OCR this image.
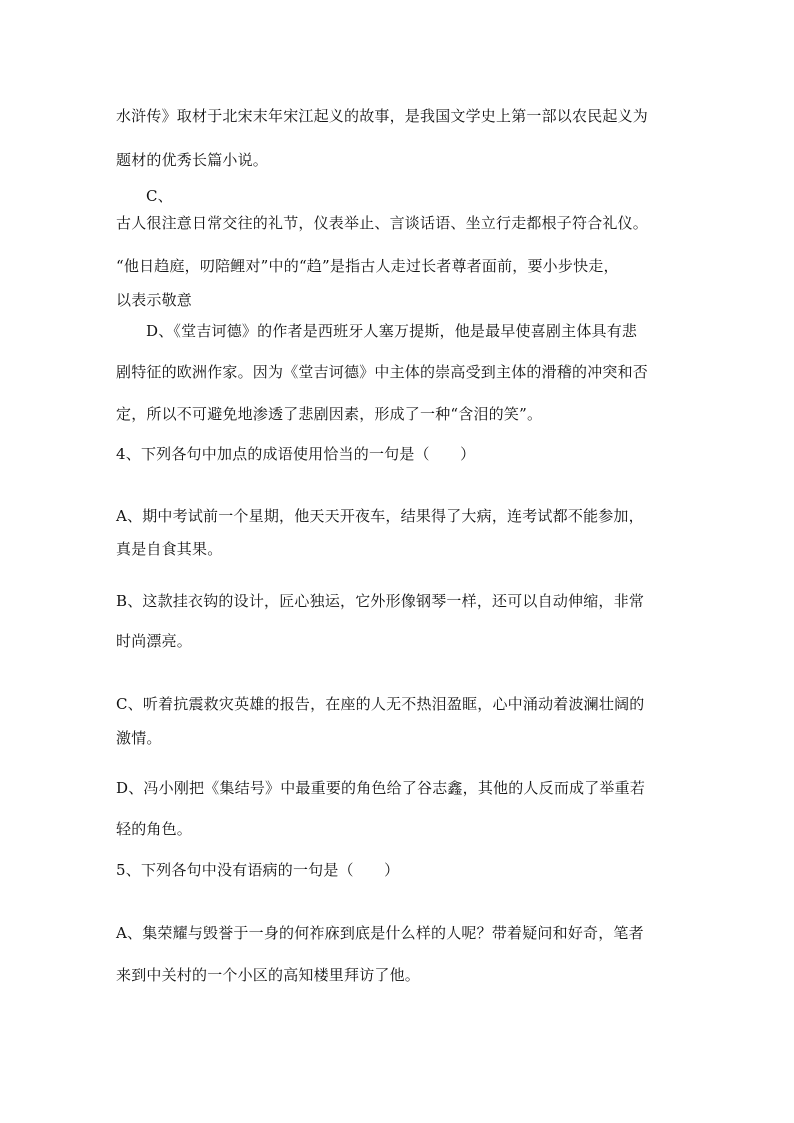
水浒传》取材于北宋末年宋江起义的故事，是我国文学史上第一部以农民起义为
题材的优秀长篇小说。
C、
古人很注意日常交往的礼节，仪表举止、言谈话语、坐立行走都根子符合礼仪。
“他日趋庭，叨陪鲤对”中的“趋”是指古人走过长者尊者面前，要小步快走，
以表示敬意
D、《堂吉诃德》的作者是西班牙人塞万提斯，他是最早使喜剧主体具有悲
剧特征的欧洲作家。因为《堂吉诃德》中主体的崇高受到主体的滑稽的冲突和否
定，所以不可避免地渗透了悲剧因素，形成了一种“含泪的笑”。
4、下列各句中加点的成语使用恰当的一句是（　　）
A、期中考试前一个星期，他天天开夜车，结果得了大病，连考试都不能参加，
真是自食其果。
B、这款挂衣钩的设计，匠心独运，它外形像钢琴一样，还可以自动伸缩，非常
时尚漂亮。
C、听着抗震救灾英雄的报告，在座的人无不热泪盈眶，心中涌动着波澜壮阔的
激情。
D、冯小刚把《集结号》中最重要的角色给了谷志鑫，其他的人反而成了举重若
轻的角色。
5、下列各句中没有语病的一句是（　　）
A、集荣耀与毁誉于一身的何祚庥到底是什么样的人呢？带着疑问和好奇，笔者
来到中关村的一个小区的高知楼里拜访了他。
